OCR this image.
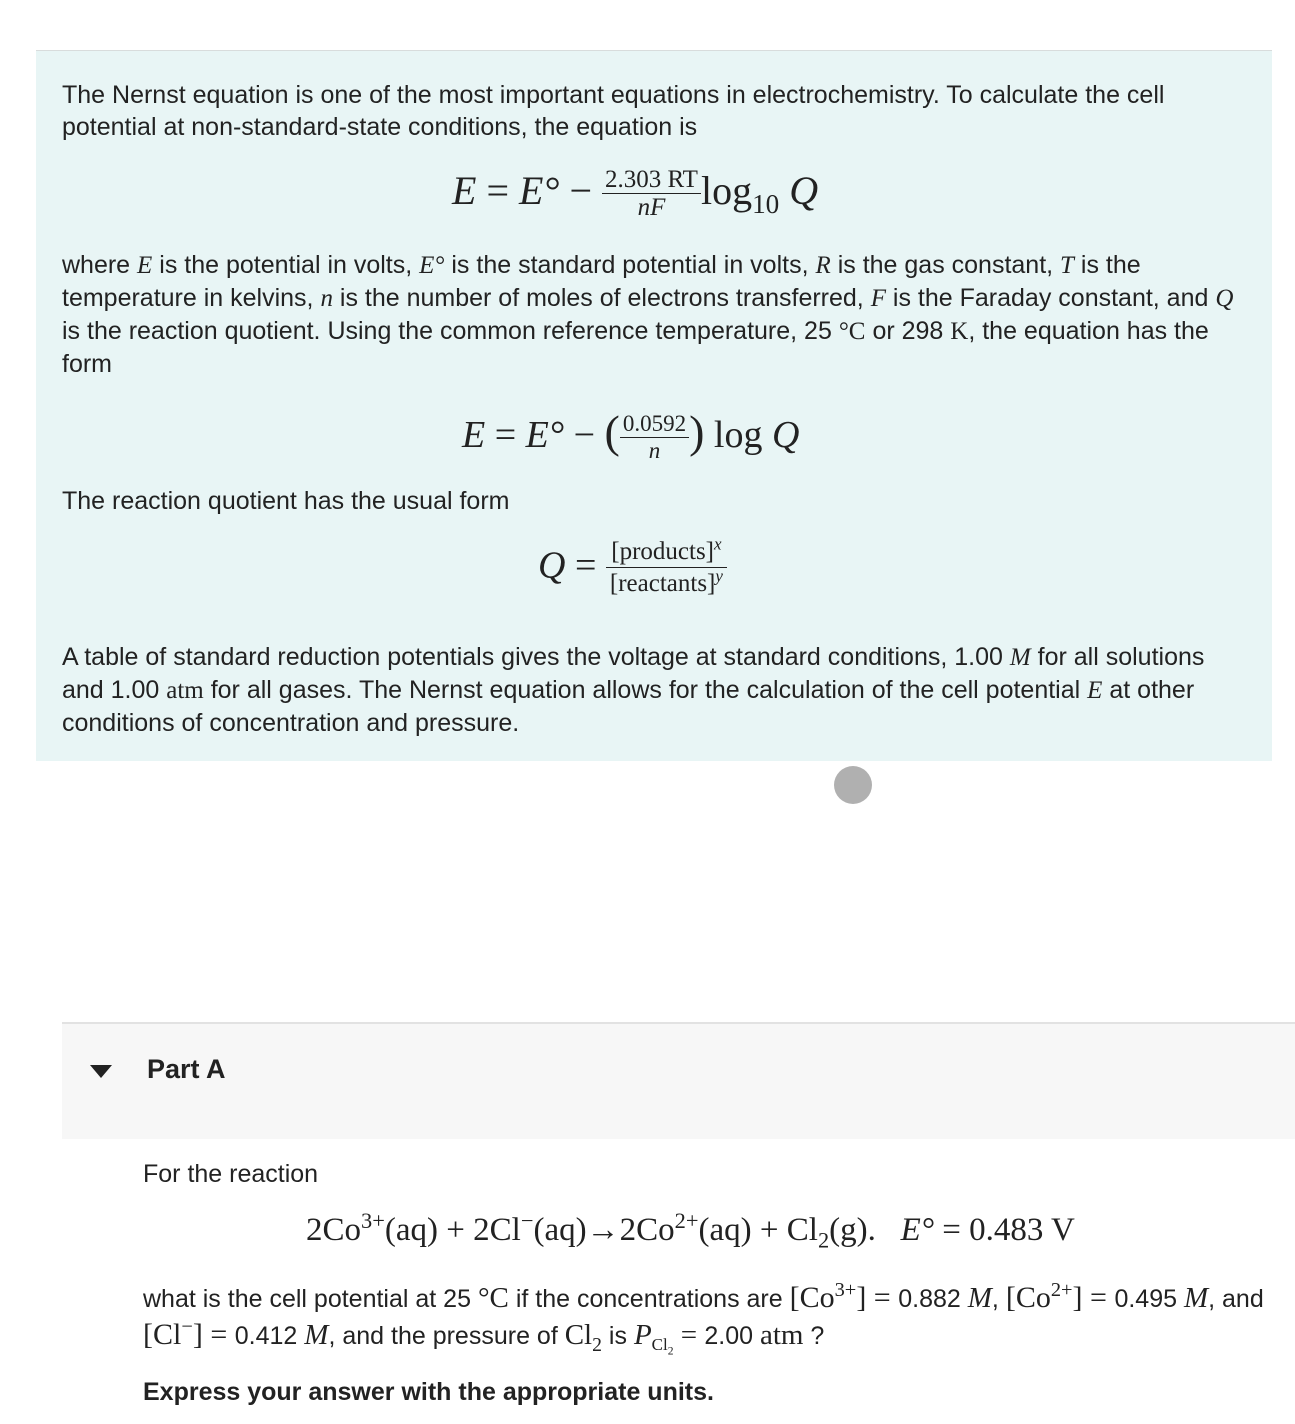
The Nernst equation is one of the most important equations in electrochemistry. To calculate the cell potential at non-standard-state conditions, the equation is
$E = E^\circ - \frac{2.303 RT}{nF} \log_{10} Q$
where E is the potential in volts, E° is the standard potential in volts, R is the gas constant, T is the temperature in kelvins, n is the number of moles of electrons transferred, F is the Faraday constant, and Q is the reaction quotient. Using the common reference temperature, 25 °C or 298 K, the equation has the form
E = E° − ( $\frac{0.0592}{n}$ ) log Q
The reaction quotient has the usual form
$Q = \frac{[products]^x}{[reactants]^y}$
A table of standard reduction potentials gives the voltage at standard conditions, 1.00 M for all solutions and 1.00 atm for all gases. The Nernst equation allows for the calculation of the cell potential E at other conditions of concentration and pressure.
Part A
For the reaction
$2Co^{3+}(aq) + 2Cl^-(aq)\to 2Co^{2+}(aq) + Cl_2(g)$. E° = 0.483 V
what is the cell potential at 25 °C if the concentrations are $[Co^{3+}] = 0.882$ M, $[Co^{2+}] = 0.495$ M, and [Cl−] = 0.412 M, and the pressure of $Cl_2$ is $P_{Cl_2} = 2.00$ atm ?
Express your answer with the appropriate units.
